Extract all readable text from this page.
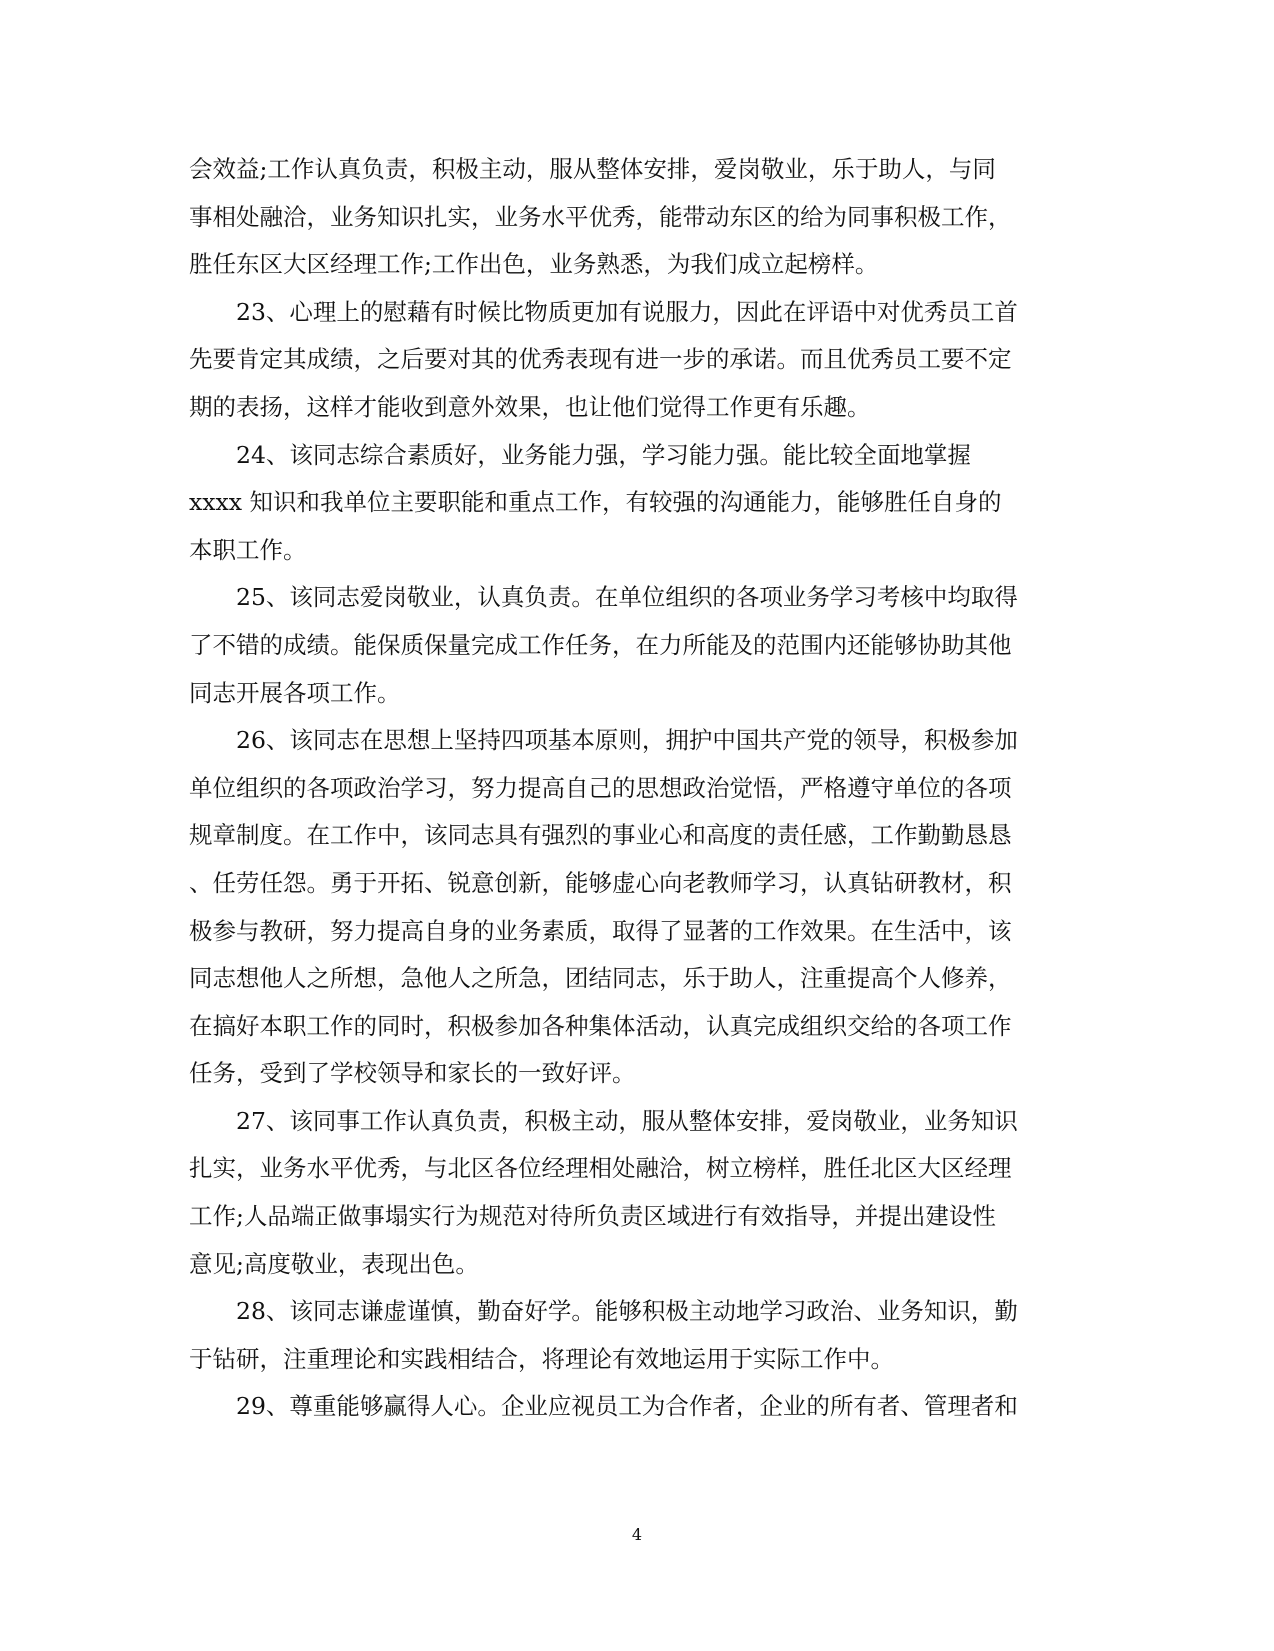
会效益;工作认真负责，积极主动，服从整体安排，爱岗敬业，乐于助人，与同
事相处融洽，业务知识扎实，业务水平优秀，能带动东区的给为同事积极工作，
胜任东区大区经理工作;工作出色，业务熟悉，为我们成立起榜样。
23、心理上的慰藉有时候比物质更加有说服力，因此在评语中对优秀员工首
先要肯定其成绩，之后要对其的优秀表现有进一步的承诺。而且优秀员工要不定
期的表扬，这样才能收到意外效果，也让他们觉得工作更有乐趣。
24、该同志综合素质好，业务能力强，学习能力强。能比较全面地掌握
xxxx 知识和我单位主要职能和重点工作，有较强的沟通能力，能够胜任自身的
本职工作。
25、该同志爱岗敬业，认真负责。在单位组织的各项业务学习考核中均取得
了不错的成绩。能保质保量完成工作任务，在力所能及的范围内还能够协助其他
同志开展各项工作。
26、该同志在思想上坚持四项基本原则，拥护中国共产党的领导，积极参加
单位组织的各项政治学习，努力提高自己的思想政治觉悟，严格遵守单位的各项
规章制度。在工作中，该同志具有强烈的事业心和高度的责任感，工作勤勤恳恳
、任劳任怨。勇于开拓、锐意创新，能够虚心向老教师学习，认真钻研教材，积
极参与教研，努力提高自身的业务素质，取得了显著的工作效果。在生活中，该
同志想他人之所想，急他人之所急，团结同志，乐于助人，注重提高个人修养，
在搞好本职工作的同时，积极参加各种集体活动，认真完成组织交给的各项工作
任务，受到了学校领导和家长的一致好评。
27、该同事工作认真负责，积极主动，服从整体安排，爱岗敬业，业务知识
扎实，业务水平优秀，与北区各位经理相处融洽，树立榜样，胜任北区大区经理
工作;人品端正做事塌实行为规范对待所负责区域进行有效指导，并提出建设性
意见;高度敬业，表现出色。
28、该同志谦虚谨慎，勤奋好学。能够积极主动地学习政治、业务知识，勤
于钻研，注重理论和实践相结合，将理论有效地运用于实际工作中。
29、尊重能够赢得人心。企业应视员工为合作者，企业的所有者、管理者和
4
